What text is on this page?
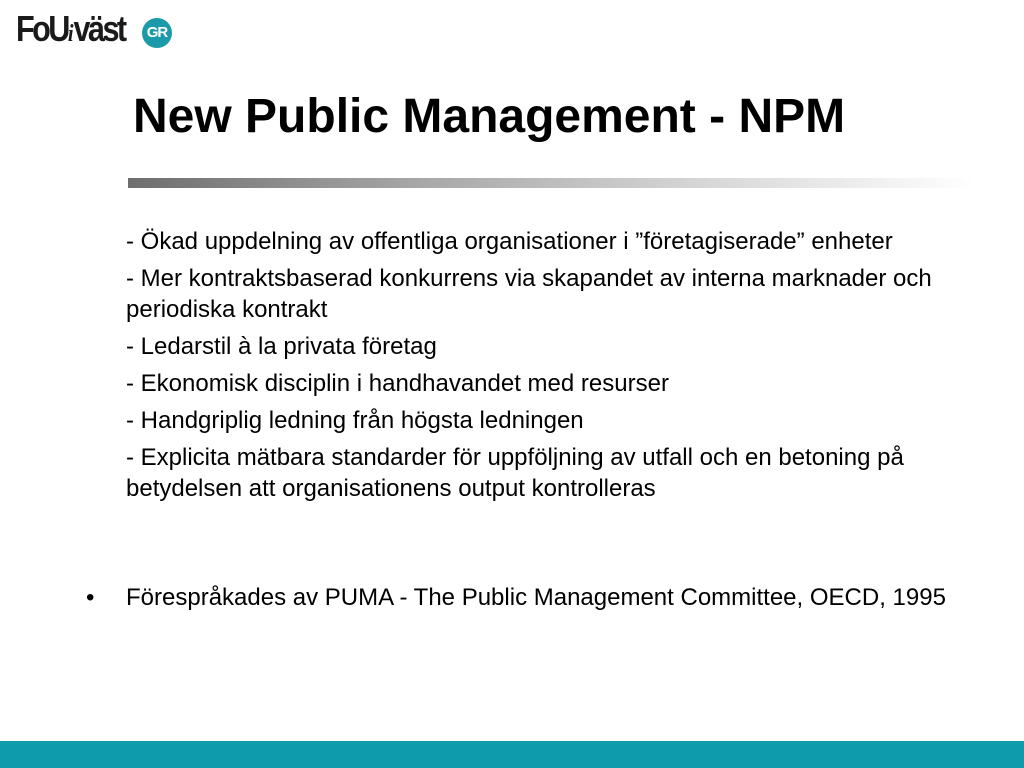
FoUiväst	GR
New Public Management - NPM
- Ökad uppdelning av offentliga organisationer i ”företagiserade” enheter
- Mer kontraktsbaserad konkurrens via skapandet av interna marknader och periodiska kontrakt
- Ledarstil à la privata företag
- Ekonomisk disciplin i handhavandet med resurser
- Handgriplig ledning från högsta ledningen
- Explicita mätbara standarder för uppföljning av utfall och en betoning på betydelsen att organisationens output kontrolleras
• Förespråkades av PUMA - The Public Management Committee, OECD, 1995
